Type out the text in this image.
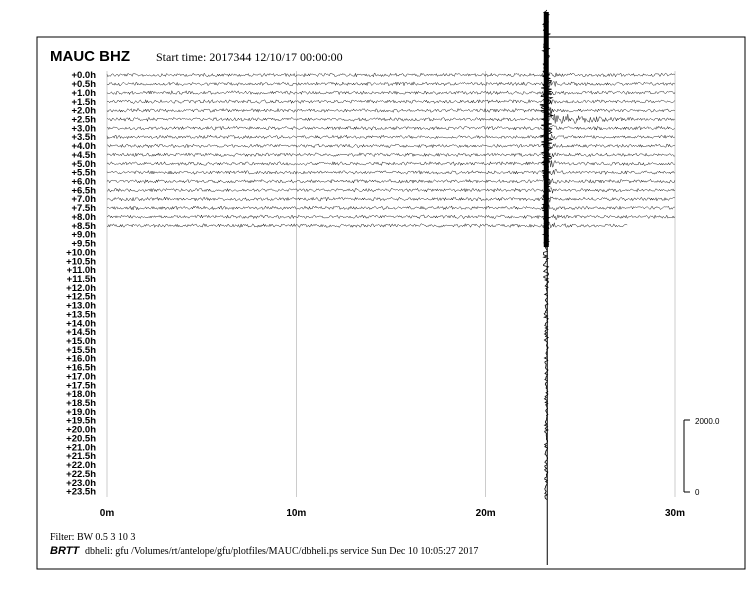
MAUC BHZ Start time: 2017344 12/10/17 00:00:00
+0.0h
+0.5h
+1.0h
+1.5h
+2.0h
+2.5h
+3.0h
+3.5h
+4.0h
+4.5h
+5.0h
+5.5h
+6.0h
+6.5h
+7.0h
+7.5h
+8.0h
+8.5h
+9.0h
+9.5h
+10.0h
+10.5h
+11.0h
+11.5h
+12.0h
+12.5h
+13.0h
+13.5h
+14.0h
+14.5h
+15.0h
+15.5h
+16.0h
+16.5h
+17.0h
+17.5h
+18.0h
+18.5h
+19.0h
+19.5h
+20.0h
+20.5h
+21.0h
+21.5h
+22.0h
+22.5h
+23.0h
+23.5h
0m	10m	20m	30m
2000.0
0
Filter: BW 0.5 3 10 3
BRTT dbheli: gfu /Volumes/rt/antelope/gfu/plotfiles/MAUC/dbheli.ps service Sun Dec 10 10:05:27 2017
